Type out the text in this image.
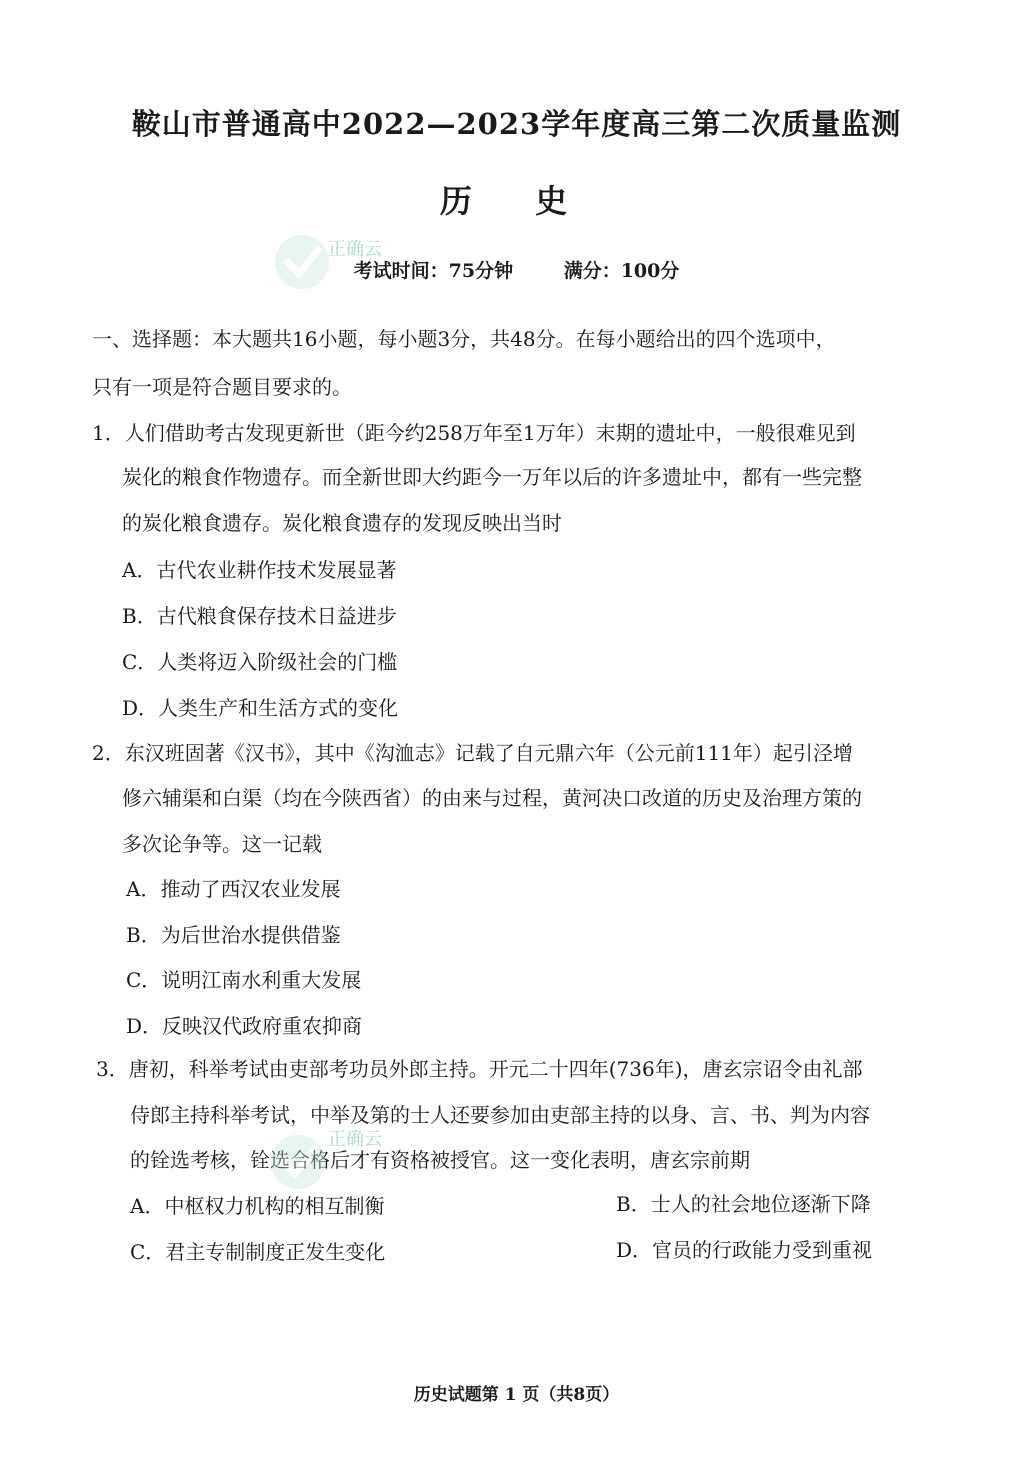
鞍山市普通高中2022—2023学年度高三第二次质量监测
历 史
考试时间：75分钟	满分：100分
正确云
一、选择题：本大题共16小题，每小题3分，共48分。在每小题给出的四个选项中，
只有一项是符合题目要求的。
1．人们借助考古发现更新世（距今约258万年至1万年）末期的遗址中，一般很难见到
炭化的粮食作物遗存。而全新世即大约距今一万年以后的许多遗址中，都有一些完整
的炭化粮食遗存。炭化粮食遗存的发现反映出当时
A．古代农业耕作技术发展显著
B．古代粮食保存技术日益进步
C．人类将迈入阶级社会的门槛
D．人类生产和生活方式的变化
2．东汉班固著《汉书》，其中《沟洫志》记载了自元鼎六年（公元前111年）起引泾增
修六辅渠和白渠（均在今陕西省）的由来与过程，黄河决口改道的历史及治理方策的
多次论争等。这一记载
A．推动了西汉农业发展
B．为后世治水提供借鉴
C．说明江南水利重大发展
D．反映汉代政府重农抑商
3．唐初，科举考试由吏部考功员外郎主持。开元二十四年(736年)，唐玄宗诏令由礼部
侍郎主持科举考试，中举及第的士人还要参加由吏部主持的以身、言、书、判为内容
的铨选考核，铨选合格后才有资格被授官。这一变化表明，唐玄宗前期
A．中枢权力机构的相互制衡	B．士人的社会地位逐渐下降
C．君主专制制度正发生变化	D．官员的行政能力受到重视
正确云
历史试题第 1 页（共8页）
